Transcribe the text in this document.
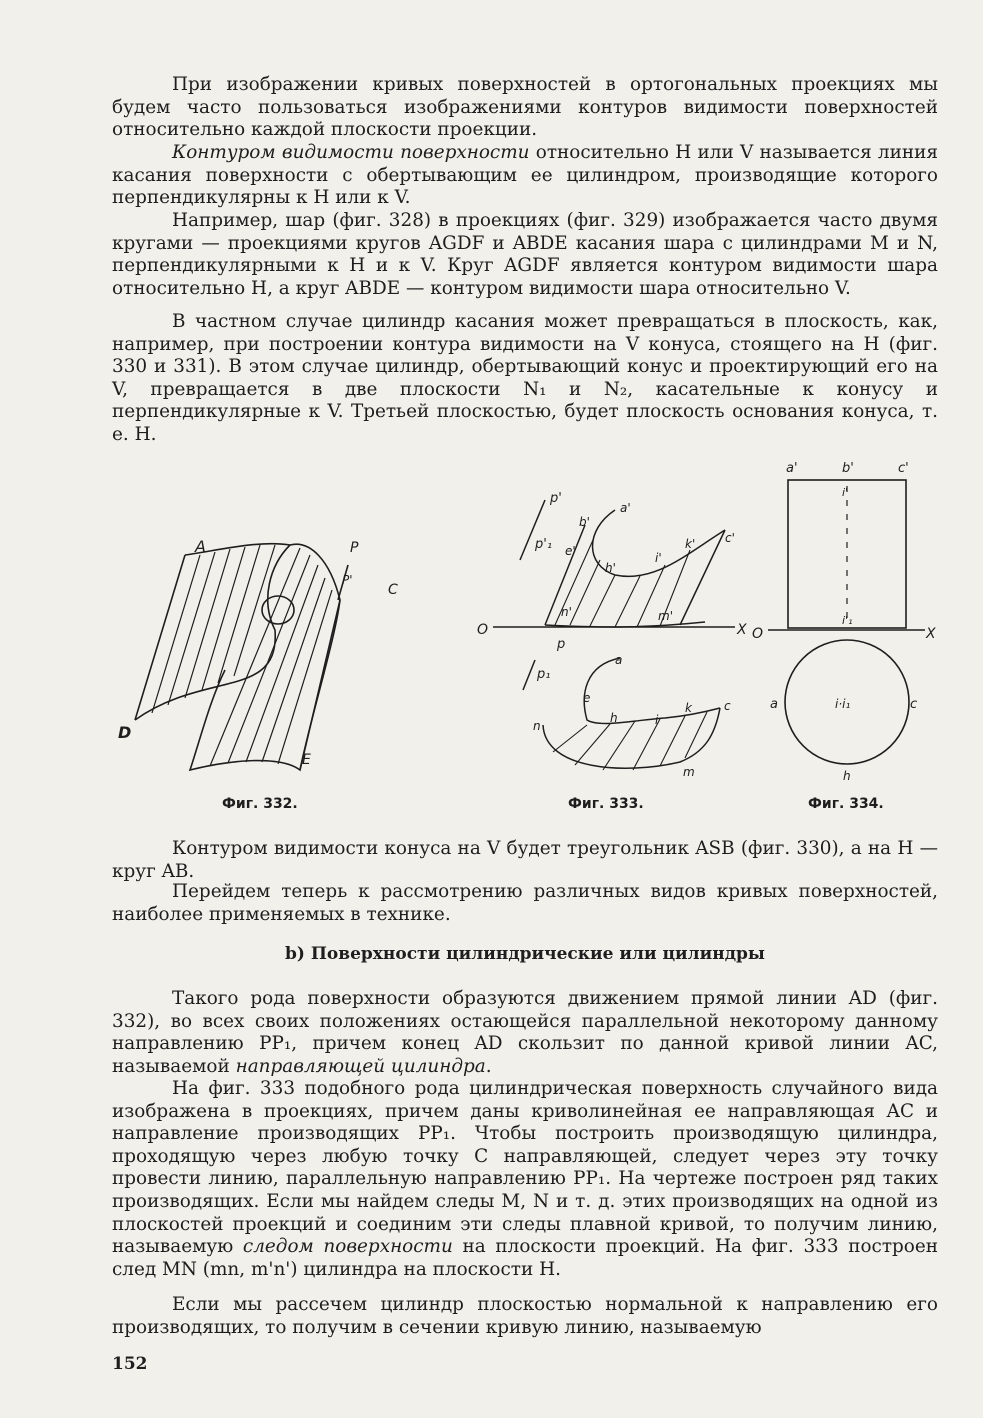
При изображении кривых поверхностей в ортогональных проекциях мы будем часто пользоваться изображениями контуров видимости поверхностей относительно каждой плоскости проекции.

Контуром видимости поверхности относительно H или V называется линия касания поверхности с обертывающим ее цилиндром, производящие которого перпендикулярны к H или к V.

Например, шар (фиг. 328) в проекциях (фиг. 329) изображается часто двумя кругами — проекциями кругов AGDF и ABDE касания шара с цилиндрами M и N, перпендикулярными к H и к V. Круг AGDF является контуром видимости шара относительно H, а круг ABDE — контуром видимости шара относительно V.

В частном случае цилиндр касания может превращаться в плоскость, как, например, при построении контура видимости на V конуса, стоящего на H (фиг. 330 и 331). В этом случае цилиндр, обертывающий конус и проектирующий его на V, превращается в две плоскости N₁ и N₂, касательные к конусу и перпендикулярные к V. Третьей плоскостью, будет плоскость основания конуса, т. е. H.

A	P
P'
C
D
E
p'
p'₁
a'
b'
e'
h'
i'
k' c'
n'	m'
O	X
p
p₁
a
e
h	i
k	c
n
m
a'	b'	c'
i'
i'₁
O	X
a	c
i·i₁
h
Фиг. 332.	Фиг. 333.	Фиг. 334.

Контуром видимости конуса на V будет треугольник ASB (фиг. 330), а на H — круг AB.

Перейдем теперь к рассмотрению различных видов кривых поверхностей, наиболее применяемых в технике.

b) Поверхности цилиндрические или цилиндры

Такого рода поверхности образуются движением прямой линии AD (фиг. 332), во всех своих положениях остающейся параллельной некоторому данному направлению PP₁, причем конец AD скользит по данной кривой линии AC, называемой направляющей цилиндра.

На фиг. 333 подобного рода цилиндрическая поверхность случайного вида изображена в проекциях, причем даны криволинейная ее направляющая AC и направление производящих PP₁. Чтобы построить производящую цилиндра, проходящую через любую точку C направляющей, следует через эту точку провести линию, параллельную направлению PP₁. На чертеже построен ряд таких производящих. Если мы найдем следы M, N и т. д. этих производящих на одной из плоскостей проекций и соединим эти следы плавной кривой, то получим линию, называемую следом поверхности на плоскости проекций. На фиг. 333 построен след MN (mn, m'n') цилиндра на плоскости H.

Если мы рассечем цилиндр плоскостью нормальной к направлению его производящих, то получим в сечении кривую линию, называемую

152
